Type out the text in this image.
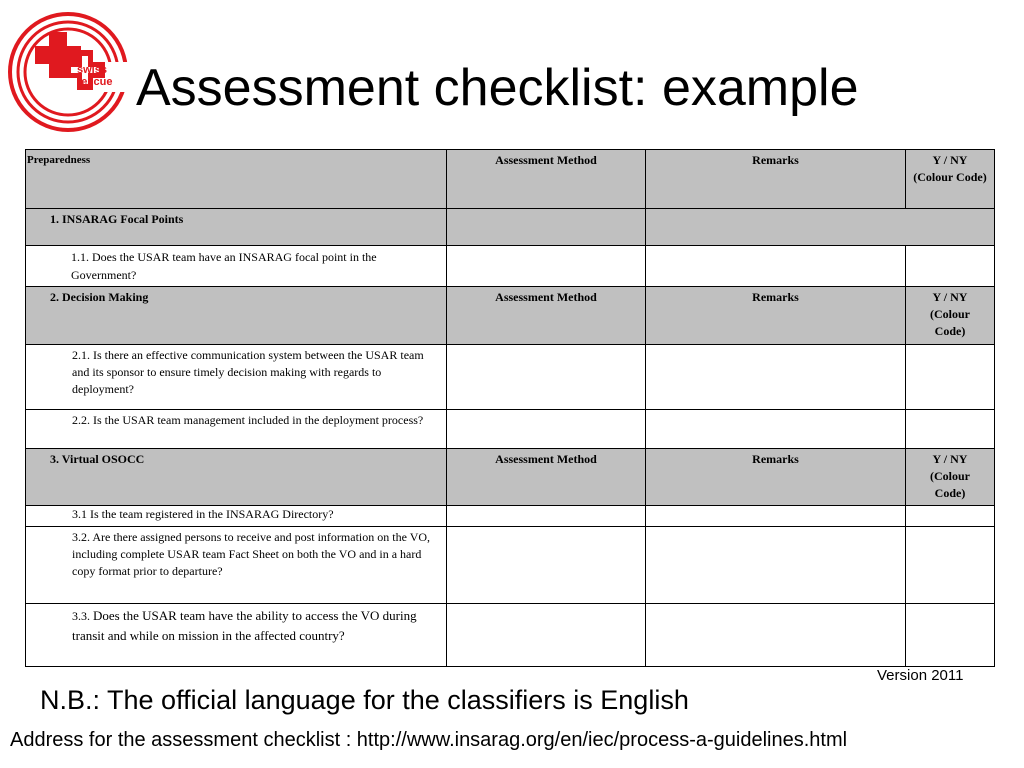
swiss
rescue Assessment checklist: example
Preparedness	Assessment Method	Remarks	Y / NY
(Colour Code)

1. INSARAG Focal Points			
1.1. Does the USAR team have an INSARAG focal point in the Government?			
2. Decision Making	Assessment Method	Remarks	Y / NY
(Colour
Code)

2.1. Is there an effective communication system between the USAR team and its sponsor to ensure timely decision making with regards to deployment?			
2.2. Is the USAR team management included in the deployment process?			
3. Virtual OSOCC	Assessment Method	Remarks	Y / NY
(Colour
Code)

3.1 Is the team registered in the INSARAG Directory?			
3.2. Are there assigned persons to receive and post information on the VO, including complete USAR team Fact Sheet on both the VO and in a hard copy format prior to departure?			
3.3. Does the USAR team have the ability to access the VO during transit and while on mission in the affected country?			
Version 2011
N.B.: The official language for the classifiers is English
Address for the assessment checklist : http://www.insarag.org/en/iec/process-a-guidelines.html
